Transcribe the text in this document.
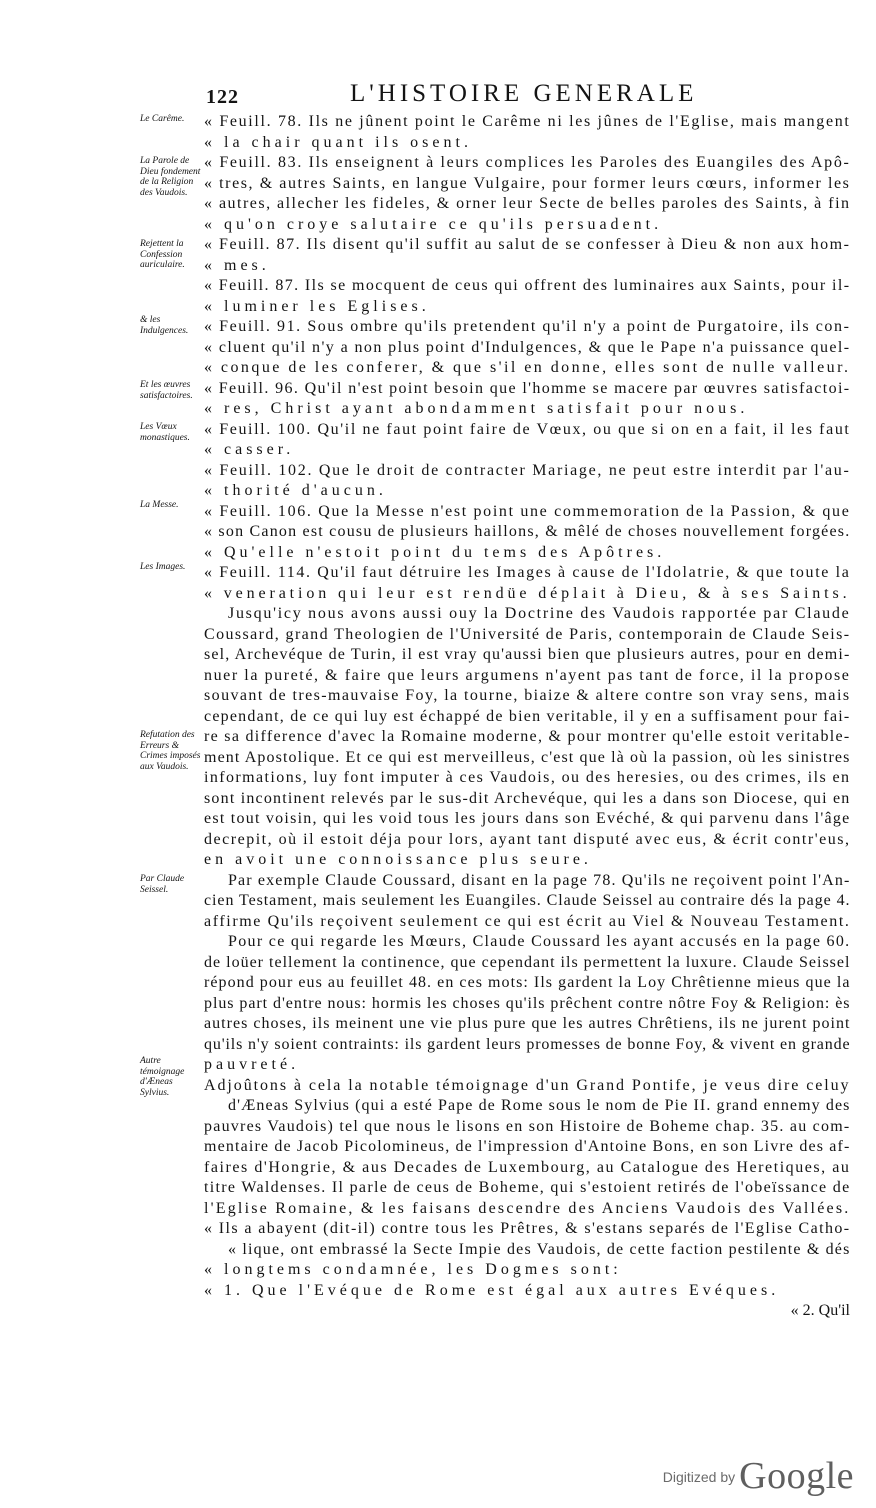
122	L'HISTOIRE GENERALE
Le Carême.
La Parole de Dieu fondement de la Religion des Vaudois.
Rejettent la Confession auriculaire.
& les Indulgences.
Et les œuvres satisfactoires.
Les Vœux monastiques.
La Messe.
Les Images.
Refutation des Erreurs & Crimes imposés aux Vaudois.
Par Claude Seissel.
Autre témoignage d'Æneas Sylvius.
« Feuill. 78. Ils ne jûnent point le Carême ni les jûnes de l'Eglise, mais mangent
« la chair quant ils osent.
« Feuill. 83. Ils enseignent à leurs complices les Paroles des Euangiles des Apô-
« tres, & autres Saints, en langue Vulgaire, pour former leurs cœurs, informer les
« autres, allecher les fideles, & orner leur Secte de belles paroles des Saints, à fin
« qu'on croye salutaire ce qu'ils persuadent.
« Feuill. 87. Ils disent qu'il suffit au salut de se confesser à Dieu & non aux hom-
« mes.
« Feuill. 87. Ils se mocquent de ceus qui offrent des luminaires aux Saints, pour il-
« luminer les Eglises.
« Feuill. 91. Sous ombre qu'ils pretendent qu'il n'y a point de Purgatoire, ils con-
« cluent qu'il n'y a non plus point d'Indulgences, & que le Pape n'a puissance quel-
« conque de les conferer, & que s'il en donne, elles sont de nulle valleur.
« Feuill. 96. Qu'il n'est point besoin que l'homme se macere par œuvres satisfactoi-
« res, Christ ayant abondamment satisfait pour nous.
« Feuill. 100. Qu'il ne faut point faire de Vœux, ou que si on en a fait, il les faut
« casser.
« Feuill. 102. Que le droit de contracter Mariage, ne peut estre interdit par l'au-
« thorité d'aucun.
« Feuill. 106. Que la Messe n'est point une commemoration de la Passion, & que
« son Canon est cousu de plusieurs haillons, & mêlé de choses nouvellement forgées.
« Qu'elle n'estoit point du tems des Apôtres.
« Feuill. 114. Qu'il faut détruire les Images à cause de l'Idolatrie, & que toute la
« veneration qui leur est rendüe déplait à Dieu, & à ses Saints.
Jusqu'icy nous avons aussi ouy la Doctrine des Vaudois rapportée par Claude
Coussard, grand Theologien de l'Université de Paris, contemporain de Claude Seis-
sel, Archevéque de Turin, il est vray qu'aussi bien que plusieurs autres, pour en demi-
nuer la pureté, & faire que leurs argumens n'ayent pas tant de force, il la propose
souvant de tres-mauvaise Foy, la tourne, biaize & altere contre son vray sens, mais
cependant, de ce qui luy est échappé de bien veritable, il y en a suffisament pour fai-
re sa difference d'avec la Romaine moderne, & pour montrer qu'elle estoit veritable-
ment Apostolique. Et ce qui est merveilleus, c'est que là où la passion, où les sinistres
informations, luy font imputer à ces Vaudois, ou des heresies, ou des crimes, ils en
sont incontinent relevés par le sus-dit Archevéque, qui les a dans son Diocese, qui en
est tout voisin, qui les void tous les jours dans son Evéché, & qui parvenu dans l'âge
decrepit, où il estoit déja pour lors, ayant tant disputé avec eus, & écrit contr'eus,
en avoit une connoissance plus seure.
Par exemple Claude Coussard, disant en la page 78. Qu'ils ne reçoivent point l'An-
cien Testament, mais seulement les Euangiles. Claude Seissel au contraire dés la page 4.
affirme Qu'ils reçoivent seulement ce qui est écrit au Viel & Nouveau Testament.
Pour ce qui regarde les Mœurs, Claude Coussard les ayant accusés en la page 60.
de loüer tellement la continence, que cependant ils permettent la luxure. Claude Seissel
répond pour eus au feuillet 48. en ces mots: Ils gardent la Loy Chrêtienne mieus que la
plus part d'entre nous: hormis les choses qu'ils prêchent contre nôtre Foy & Religion: ès
autres choses, ils meinent une vie plus pure que les autres Chrêtiens, ils ne jurent point
qu'ils n'y soient contraints: ils gardent leurs promesses de bonne Foy, & vivent en grande
pauvreté.
Adjoûtons à cela la notable témoignage d'un Grand Pontife, je veus dire celuy
d'Æneas Sylvius (qui a esté Pape de Rome sous le nom de Pie II. grand ennemy des
pauvres Vaudois) tel que nous le lisons en son Histoire de Boheme chap. 35. au com-
mentaire de Jacob Picolomineus, de l'impression d'Antoine Bons, en son Livre des af-
faires d'Hongrie, & aus Decades de Luxembourg, au Catalogue des Heretiques, au
titre Waldenses. Il parle de ceus de Boheme, qui s'estoient retirés de l'obeïssance de
l'Eglise Romaine, & les faisans descendre des Anciens Vaudois des Vallées.
« Ils a abayent (dit-il) contre tous les Prêtres, & s'estans separés de l'Eglise Catho-
« lique, ont embrassé la Secte Impie des Vaudois, de cette faction pestilente & dés
« longtems condamnée, les Dogmes sont:
« 1. Que l'Evéque de Rome est égal aux autres Evéques.
« 2. Qu'il
Digitized by Google
